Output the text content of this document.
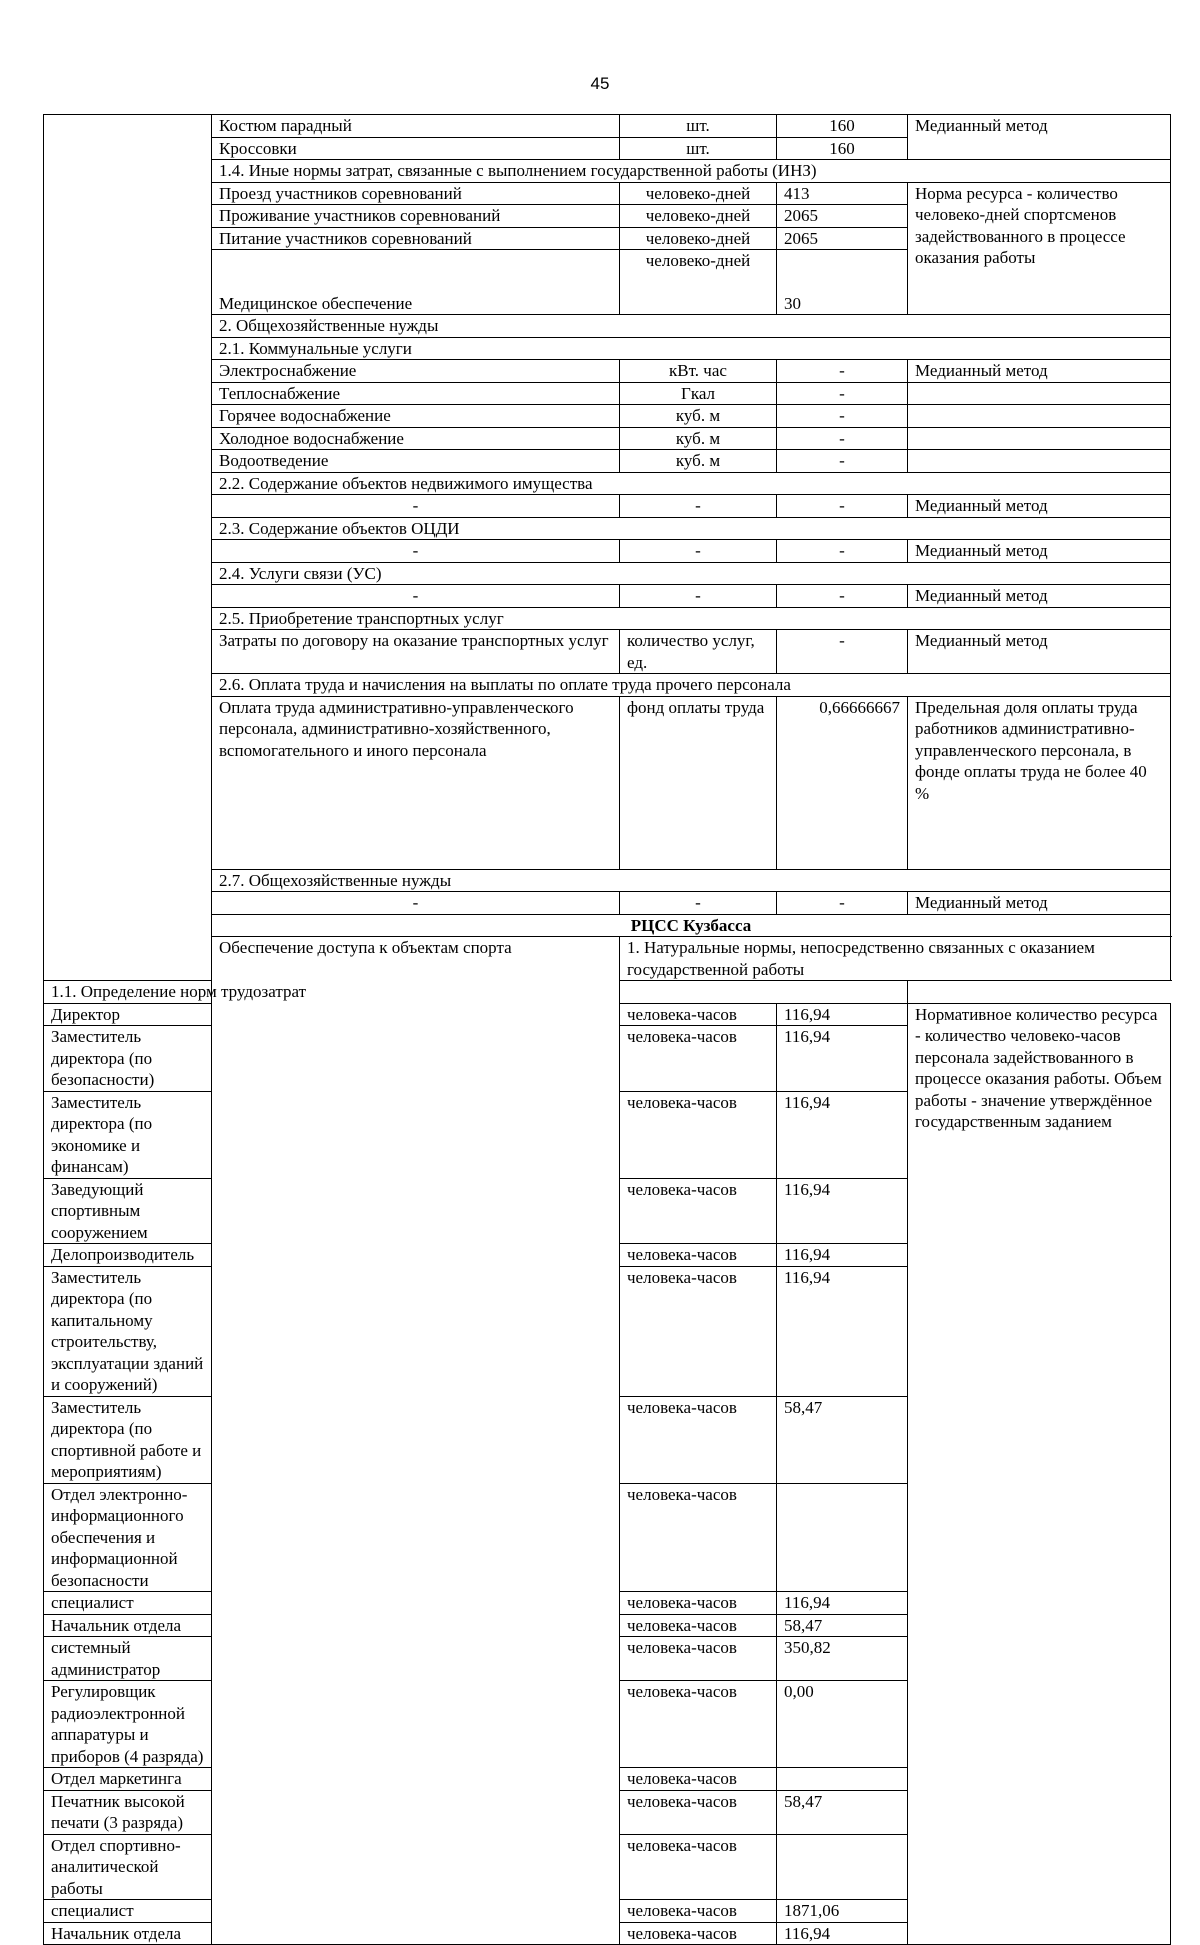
45
	Костюм парадный	шт.	160	Медианный метод
	Кроссовки	шт.	160	
	1.4. Иные нормы затрат, связанные с выполнением государственной работы (ИНЗ)			
	Проезд участников соревнований	человеко-дней	413	Норма ресурса - количество человеко-дней спортсменов задействованного в процессе оказания работы
	Проживание участников соревнований	человеко-дней	2065	
	Питание участников соревнований	человеко-дней	2065	
	Медицинское обеспечение	человеко-дней	30	
	2. Общехозяйственные нужды			
	2.1. Коммунальные услуги			
	Электроснабжение	кВт. час	-	Медианный метод
	Теплоснабжение	Гкал	-	
	Горячее водоснабжение	куб. м	-	
	Холодное водоснабжение	куб. м	-	
	Водоотведение	куб. м	-	
	2.2. Содержание объектов недвижимого имущества			
	-	-	-	Медианный метод
	2.3. Содержание объектов ОЦДИ			
	-	-	-	Медианный метод
	2.4. Услуги связи (УС)			
	-	-	-	Медианный метод
	2.5. Приобретение транспортных услуг			
	Затраты по договору на оказание транспортных услуг	количество услуг, ед.	-	Медианный метод
	2.6. Оплата труда и начисления на выплаты по оплате труда прочего персонала			
	Оплата труда административно-управленческого персонала, административно-хозяйственного, вспомогательного и иного персонала	фонд оплаты труда	0,66666667	Предельная доля оплаты труда работников административно-управленческого персонала, в фонде оплаты труда не более 40 %
	2.7. Общехозяйственные нужды			
	-	-	-	Медианный метод
	РЦСС Кузбасса			
	Обеспечение доступа к объектам спорта	1. Натуральные нормы, непосредственно связанных с оказанием государственной работы		
1.1. Определение норм трудозатрат				
Директор		человека-часов	116,94	Нормативное количество ресурса - количество человеко-часов персонала задействованного в процессе оказания работы. Объем работы - значение утверждённое государственным заданием
Заместитель директора (по безопасности)		человека-часов	116,94	
Заместитель директора (по экономике и финансам)		человека-часов	116,94	
Заведующий спортивным сооружением		человека-часов	116,94	
Делопроизводитель		человека-часов	116,94	
Заместитель директора (по капитальному строительству, эксплуатации зданий и сооружений)		человека-часов	116,94	
Заместитель директора (по спортивной работе и мероприятиям)		человека-часов	58,47	
Отдел электронно-информационного обеспечения и информационной безопасности		человека-часов		
специалист		человека-часов	116,94	
Начальник отдела		человека-часов	58,47	
системный администратор		человека-часов	350,82	
Регулировщик радиоэлектронной аппаратуры и приборов (4 разряда)		человека-часов	0,00	
Отдел маркетинга		человека-часов		
Печатник высокой печати (3 разряда)		человека-часов	58,47	
Отдел спортивно-аналитической работы		человека-часов		
специалист		человека-часов	1871,06	
Начальник отдела		человека-часов	116,94	
